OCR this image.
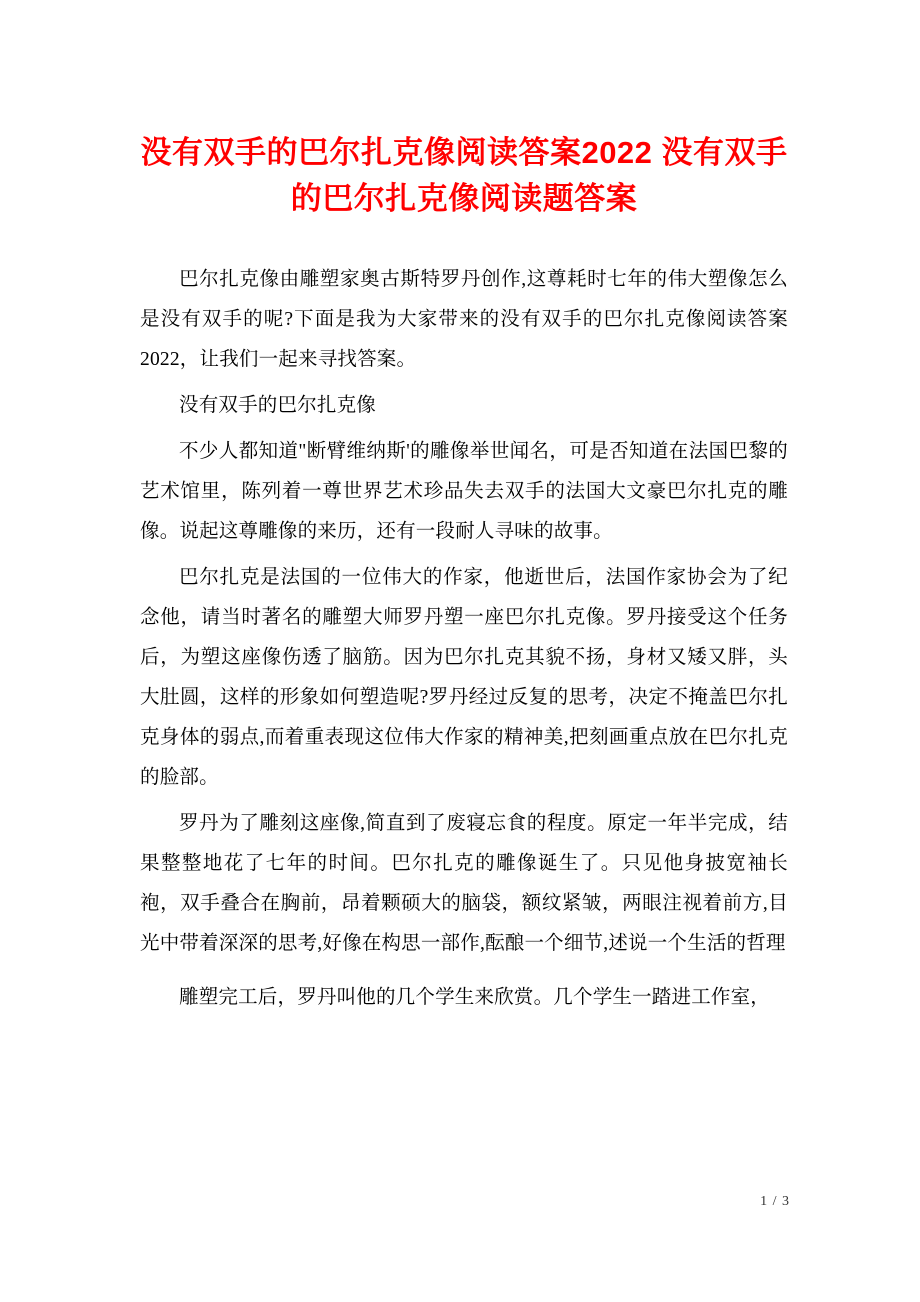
没有双手的巴尔扎克像阅读答案2022 没有双手的巴尔扎克像阅读题答案

巴尔扎克像由雕塑家奥古斯特罗丹创作,这尊耗时七年的伟大塑像怎么是没有双手的呢?下面是我为大家带来的没有双手的巴尔扎克像阅读答案2022，让我们一起来寻找答案。

没有双手的巴尔扎克像

不少人都知道"断臂维纳斯'的雕像举世闻名，可是否知道在法国巴黎的艺术馆里，陈列着一尊世界艺术珍品失去双手的法国大文豪巴尔扎克的雕像。说起这尊雕像的来历，还有一段耐人寻味的故事。

巴尔扎克是法国的一位伟大的作家，他逝世后，法国作家协会为了纪念他，请当时著名的雕塑大师罗丹塑一座巴尔扎克像。罗丹接受这个任务后，为塑这座像伤透了脑筋。因为巴尔扎克其貌不扬，身材又矮又胖，头大肚圆，这样的形象如何塑造呢?罗丹经过反复的思考，决定不掩盖巴尔扎克身体的弱点,而着重表现这位伟大作家的精神美,把刻画重点放在巴尔扎克的脸部。

罗丹为了雕刻这座像,简直到了废寝忘食的程度。原定一年半完成，结果整整地花了七年的时间。巴尔扎克的雕像诞生了。只见他身披宽袖长袍，双手叠合在胸前，昂着颗硕大的脑袋，额纹紧皱，两眼注视着前方,目光中带着深深的思考,好像在构思一部作,酝酿一个细节,述说一个生活的哲理

雕塑完工后，罗丹叫他的几个学生来欣赏。几个学生一踏进工作室，

1 / 3
